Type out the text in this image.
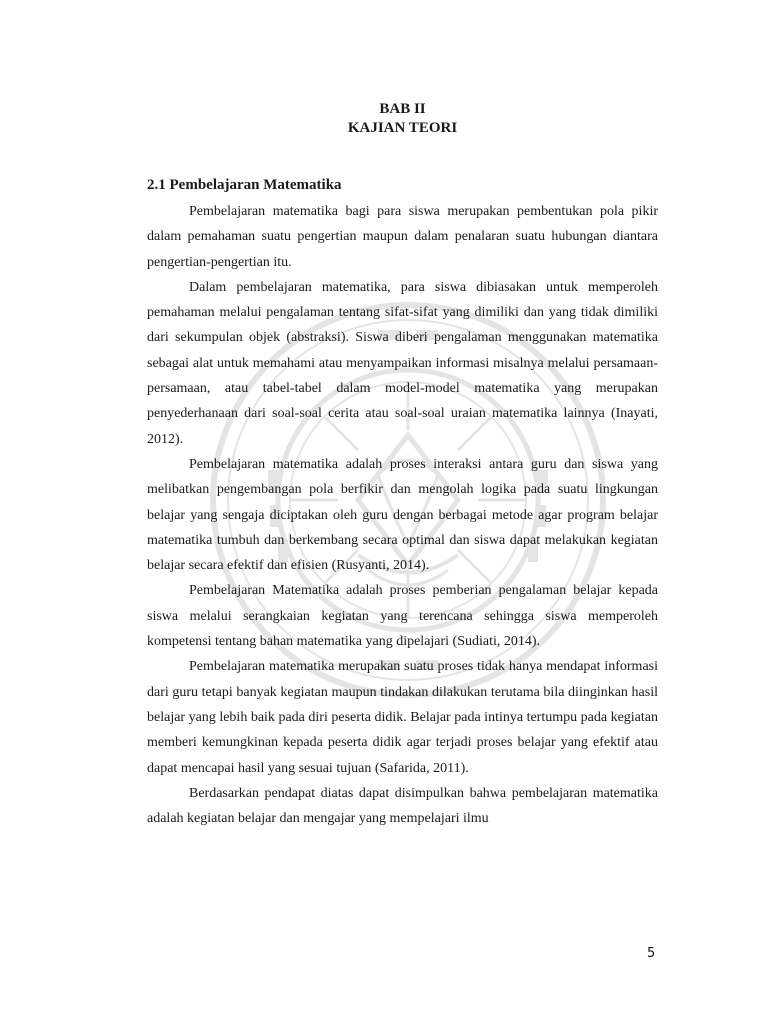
BAB II

KAJIAN TEORI

2.1 Pembelajaran Matematika

Pembelajaran matematika bagi para siswa merupakan pembentukan pola pikir dalam pemahaman suatu pengertian maupun dalam penalaran suatu hubungan diantara pengertian-pengertian itu.

Dalam pembelajaran matematika, para siswa dibiasakan untuk memperoleh pemahaman melalui pengalaman tentang sifat-sifat yang dimiliki dan yang tidak dimiliki dari sekumpulan objek (abstraksi). Siswa diberi pengalaman menggunakan matematika sebagai alat untuk memahami atau menyampaikan informasi misalnya melalui persamaan-persamaan, atau tabel-tabel dalam model-model matematika yang merupakan penyederhanaan dari soal-soal cerita atau soal-soal uraian matematika lainnya (Inayati, 2012).

Pembelajaran matematika adalah proses interaksi antara guru dan siswa yang melibatkan pengembangan pola berfikir dan mengolah logika pada suatu lingkungan belajar yang sengaja diciptakan oleh guru dengan berbagai metode agar program belajar matematika tumbuh dan berkembang secara optimal dan siswa dapat melakukan kegiatan belajar secara efektif dan efisien (Rusyanti, 2014).

Pembelajaran Matematika adalah proses pemberian pengalaman belajar kepada siswa melalui serangkaian kegiatan yang terencana sehingga siswa memperoleh kompetensi tentang bahan matematika yang dipelajari (Sudiati, 2014).

Pembelajaran matematika merupakan suatu proses tidak hanya mendapat informasi dari guru tetapi banyak kegiatan maupun tindakan dilakukan terutama bila diinginkan hasil belajar yang lebih baik pada diri peserta didik. Belajar pada intinya tertumpu pada kegiatan memberi kemungkinan kepada peserta didik agar terjadi proses belajar yang efektif atau dapat mencapai hasil yang sesuai tujuan (Safarida, 2011).

Berdasarkan pendapat diatas dapat disimpulkan bahwa pembelajaran matematika adalah kegiatan belajar dan mengajar yang mempelajari ilmu

5
